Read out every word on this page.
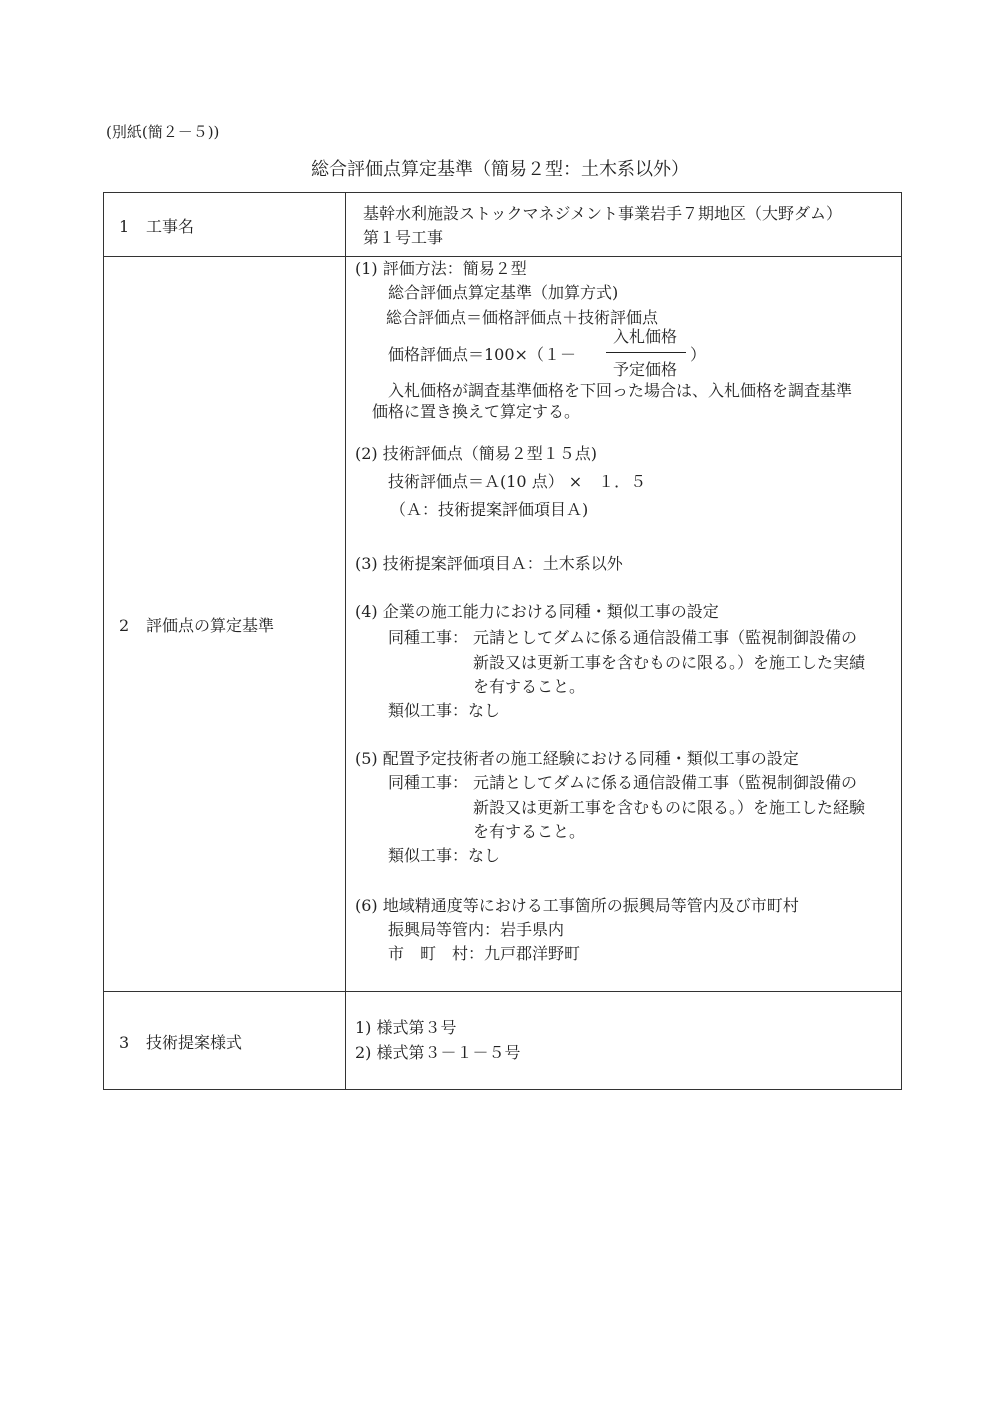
(別紙(簡２－５))
総合評価点算定基準（簡易２型：土木系以外）
1 工事名
基幹水利施設ストックマネジメント事業岩手７期地区（大野ダム）
第１号工事
2 評価点の算定基準
(1) 評価方法：簡易２型
総合評価点算定基準（加算方式)
総合評価点＝価格評価点＋技術評価点
価格評価点＝100×（１－
入札価格
予定価格
）
入札価格が調査基準価格を下回った場合は、入札価格を調査基準
価格に置き換えて算定する。
(2) 技術評価点（簡易２型１５点)
技術評価点＝Ａ(10 点） ×　１．５
（Ａ：技術提案評価項目Ａ)
(3) 技術提案評価項目Ａ：土木系以外
(4) 企業の施工能力における同種・類似工事の設定
同種工事： 元請としてダムに係る通信設備工事（監視制御設備の
新設又は更新工事を含むものに限る。）を施工した実績
を有すること。
類似工事：なし
(5) 配置予定技術者の施工経験における同種・類似工事の設定
同種工事： 元請としてダムに係る通信設備工事（監視制御設備の
新設又は更新工事を含むものに限る。）を施工した経験
を有すること。
類似工事：なし
(6) 地域精通度等における工事箇所の振興局等管内及び市町村
振興局等管内：岩手県内
市　町　村：九戸郡洋野町
3 技術提案様式
1) 様式第３号
2) 様式第３－１－５号
